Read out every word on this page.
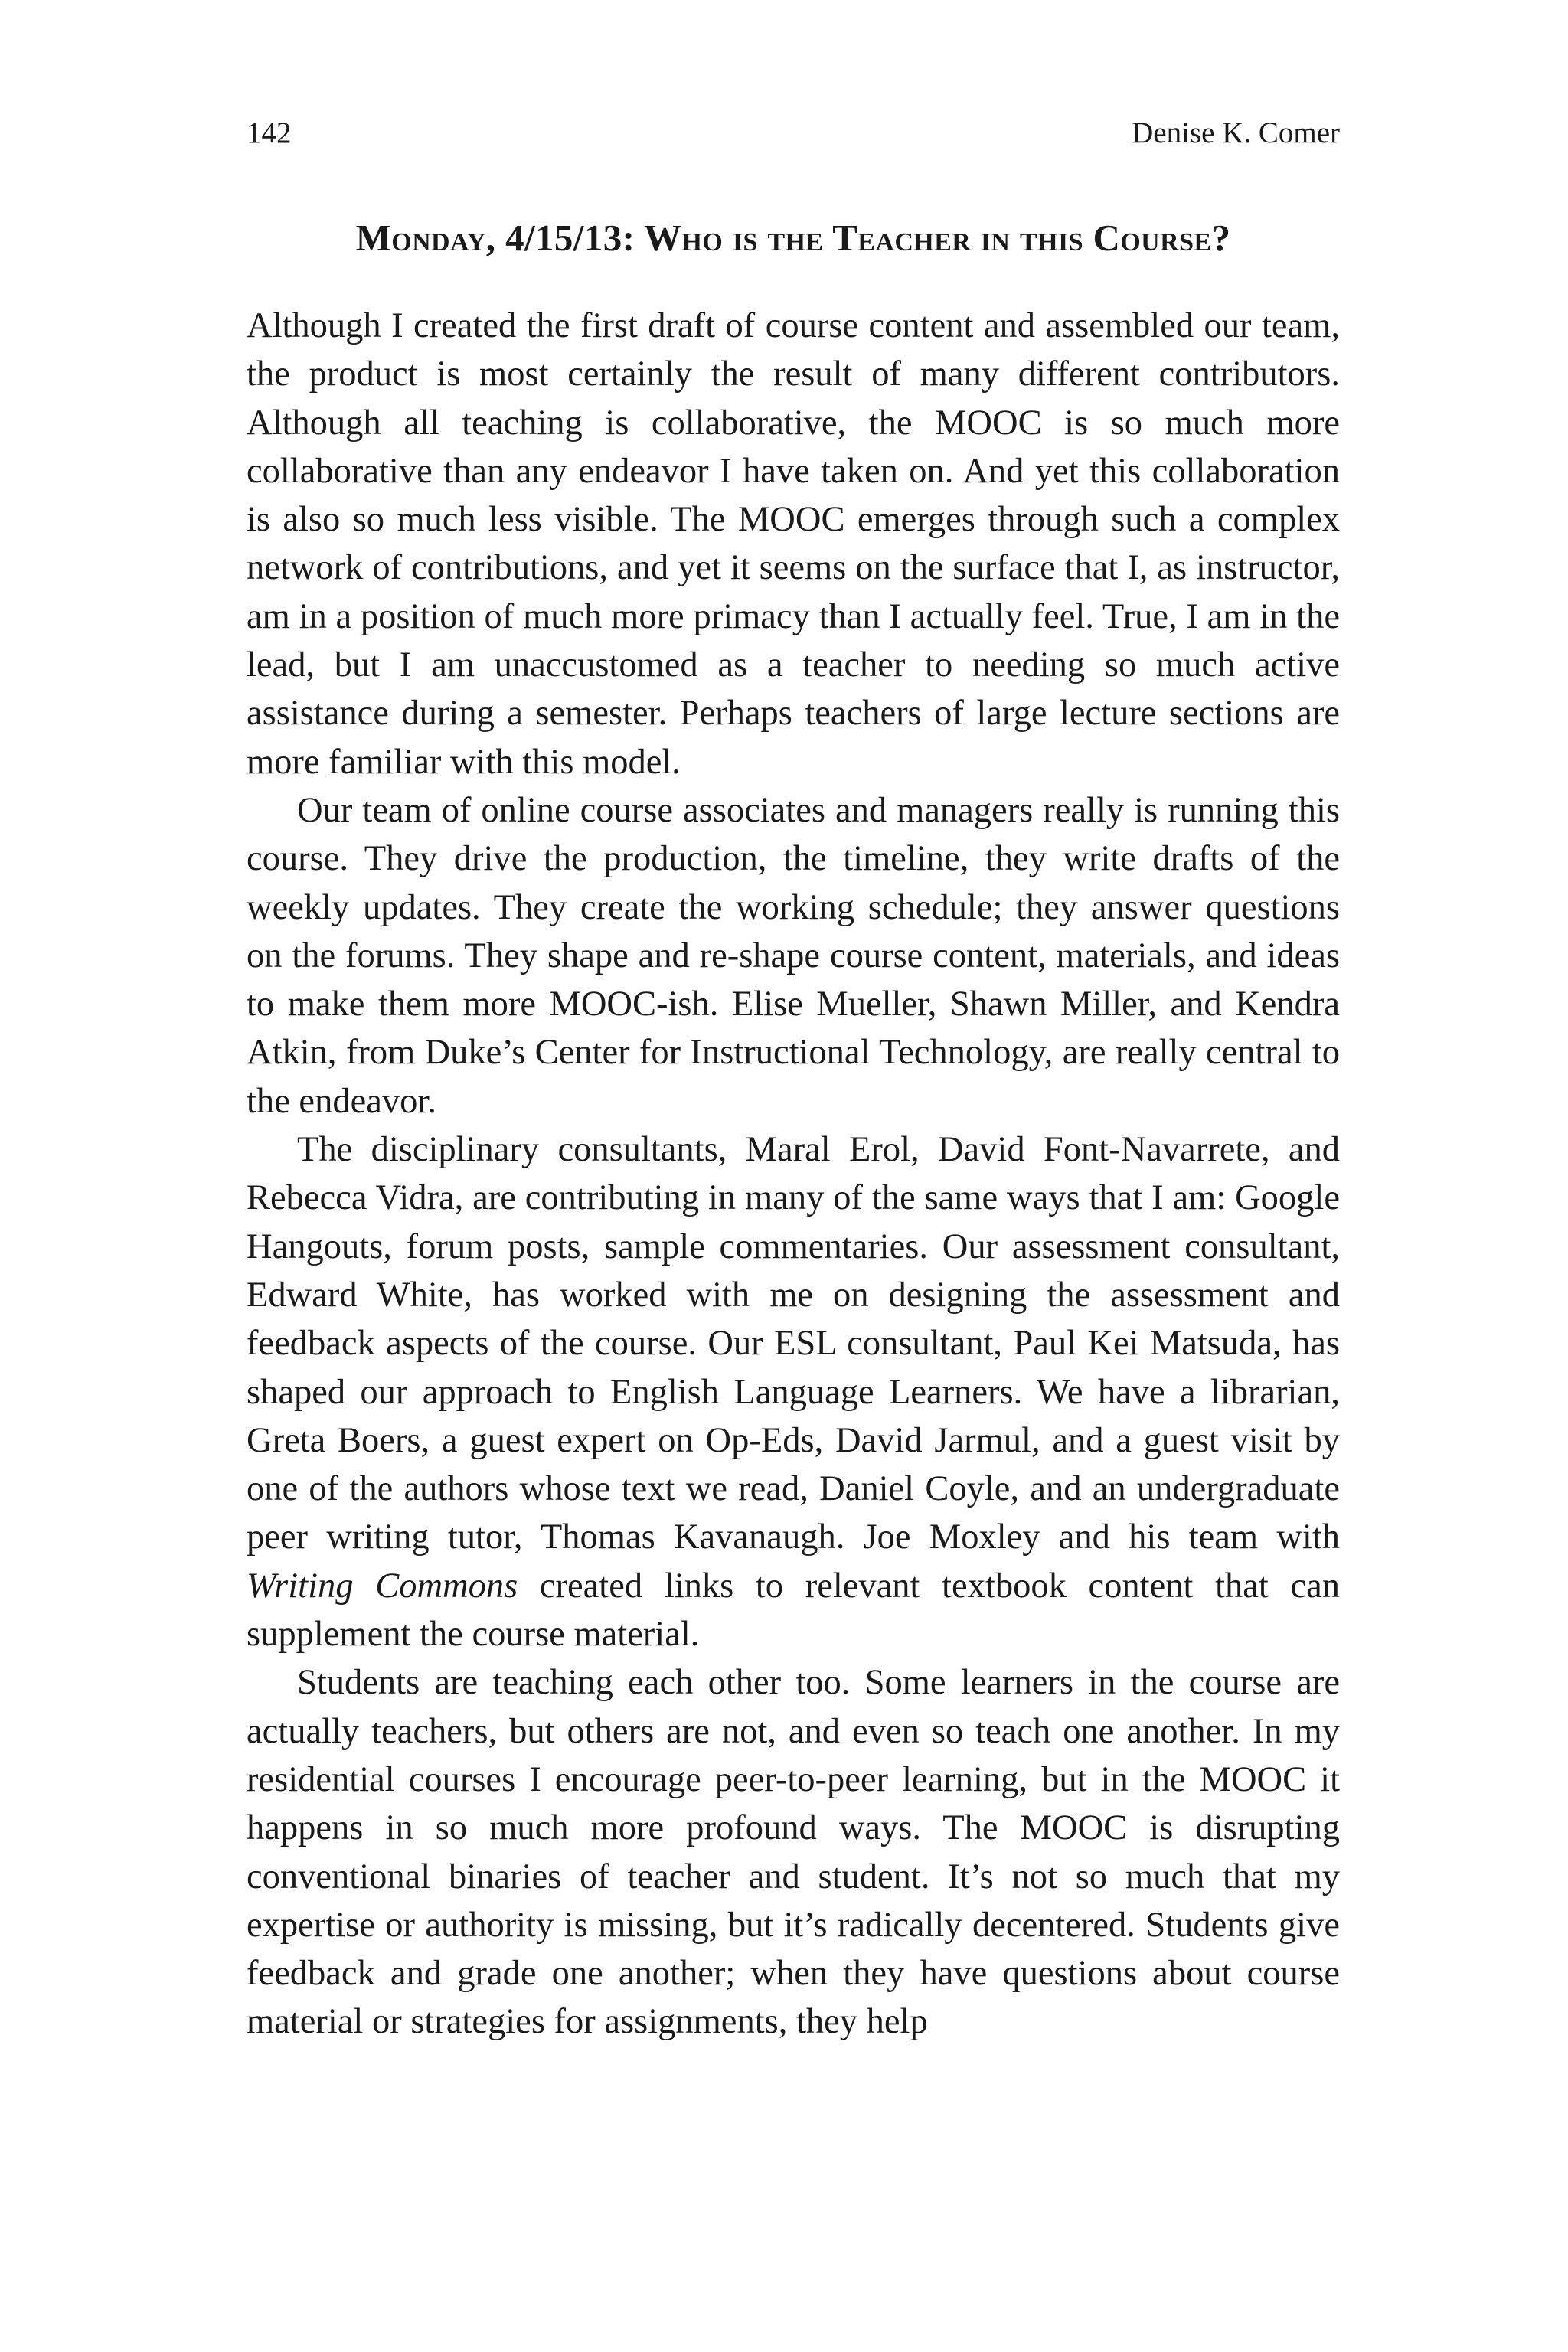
142	Denise K. Comer
Monday, 4/15/13: Who is the Teacher in this Course?

Although I created the first draft of course content and assembled our team, the product is most certainly the result of many different contributors. Although all teaching is collaborative, the MOOC is so much more collaborative than any endeavor I have taken on. And yet this collaboration is also so much less visible. The MOOC emerges through such a complex network of contributions, and yet it seems on the surface that I, as instructor, am in a position of much more primacy than I actually feel. True, I am in the lead, but I am unaccustomed as a teacher to needing so much active assistance during a semester. Perhaps teachers of large lecture sections are more familiar with this model.

Our team of online course associates and managers really is running this course. They drive the production, the timeline, they write drafts of the weekly updates. They create the working schedule; they answer questions on the forums. They shape and re-shape course content, materials, and ideas to make them more MOOC-ish. Elise Mueller, Shawn Miller, and Kendra Atkin, from Duke’s Center for Instructional Technology, are really central to the endeavor.

The disciplinary consultants, Maral Erol, David Font-Navarrete, and Rebecca Vidra, are contributing in many of the same ways that I am: Google Hangouts, forum posts, sample commentaries. Our assessment consultant, Edward White, has worked with me on designing the assessment and feedback aspects of the course. Our ESL consultant, Paul Kei Matsuda, has shaped our approach to English Language Learners. We have a librarian, Greta Boers, a guest expert on Op-Eds, David Jarmul, and a guest visit by one of the authors whose text we read, Daniel Coyle, and an undergraduate peer writing tutor, Thomas Kavanaugh. Joe Moxley and his team with Writing Commons created links to relevant textbook content that can supplement the course material.

Students are teaching each other too. Some learners in the course are actually teachers, but others are not, and even so teach one another. In my residential courses I encourage peer-to-peer learning, but in the MOOC it happens in so much more profound ways. The MOOC is disrupting conventional binaries of teacher and student. It’s not so much that my expertise or authority is missing, but it’s radically decentered. Students give feedback and grade one another; when they have questions about course material or strategies for assignments, they help
